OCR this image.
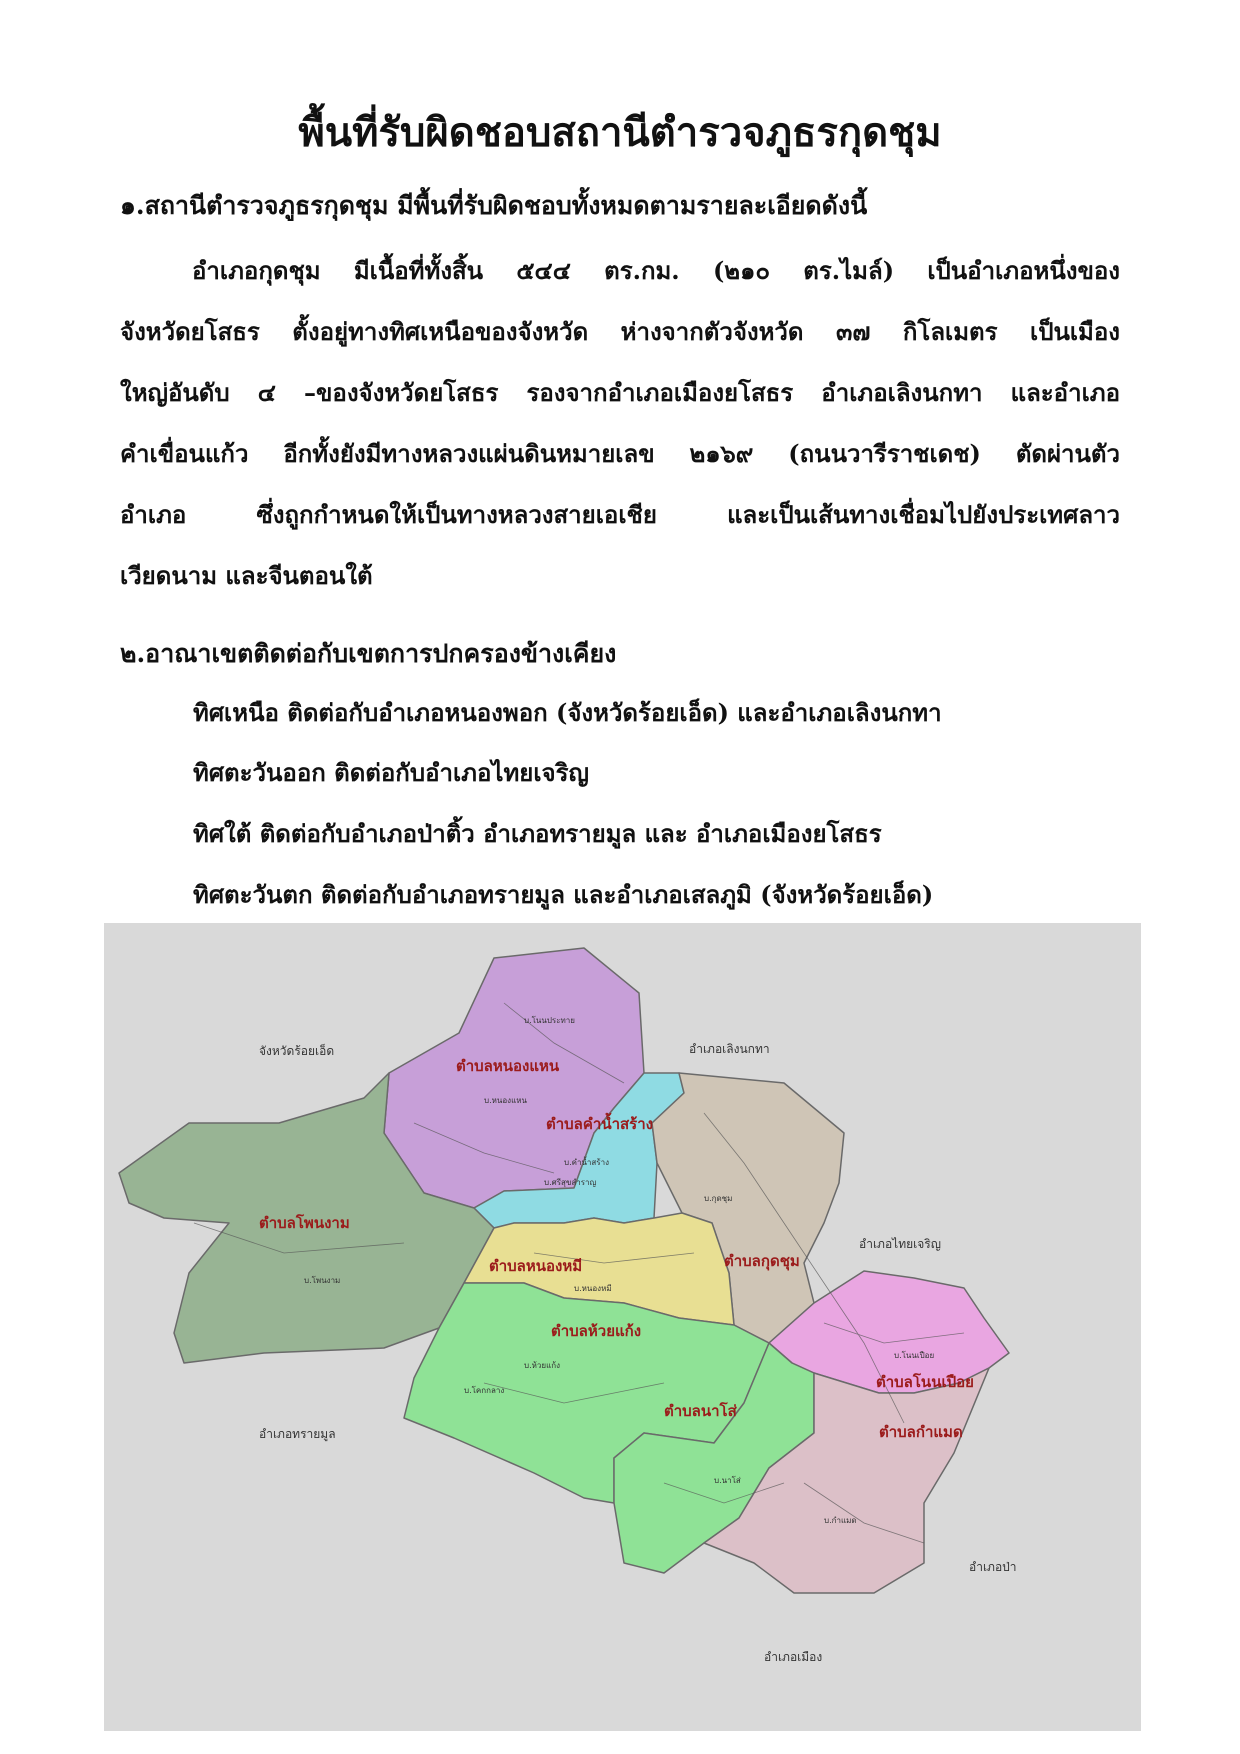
พื้นที่รับผิดชอบสถานีตำรวจภูธรกุดชุม

๑.สถานีตำรวจภูธรกุดชุม มีพื้นที่รับผิดชอบทั้งหมดตามรายละเอียดดังนี้

อำเภอกุดชุม มีเนื้อที่ทั้งสิ้น ๕๔๔ ตร.กม. (๒๑๐ ตร.ไมล์) เป็นอำเภอหนึ่งของ
จังหวัดยโสธร ตั้งอยู่ทางทิศเหนือของจังหวัด ห่างจากตัวจังหวัด ๓๗ กิโลเมตร เป็นเมือง
ใหญ่อันดับ ๔ –ของจังหวัดยโสธร รองจากอำเภอเมืองยโสธร อำเภอเลิงนกทา และอำเภอ
คำเขื่อนแก้ว อีกทั้งยังมีทางหลวงแผ่นดินหมายเลข ๒๑๖๙ (ถนนวารีราชเดช) ตัดผ่านตัว
อำเภอ ซึ่งถูกกำหนดให้เป็นทางหลวงสายเอเชีย และเป็นเส้นทางเชื่อมไปยังประเทศลาว
เวียดนาม และจีนตอนใต้

๒.อาณาเขตติดต่อกับเขตการปกครองข้างเคียง

ทิศเหนือ ติดต่อกับอำเภอหนองพอก (จังหวัดร้อยเอ็ด) และอำเภอเลิงนกทา

ทิศตะวันออก ติดต่อกับอำเภอไทยเจริญ

ทิศใต้ ติดต่อกับอำเภอป่าติ้ว อำเภอทรายมูล และ อำเภอเมืองยโสธร

ทิศตะวันตก ติดต่อกับอำเภอทรายมูล และอำเภอเสลภูมิ (จังหวัดร้อยเอ็ด)

จังหวัดร้อยเอ็ด	อำเภอเลิงนกทา
อำเภอไทยเจริญ
อำเภอทรายมูล
อำเภอป่า
อำเภอเมือง
ตำบลหนองแหน
ตำบลคำน้ำสร้าง
ตำบลโพนงาม
ตำบลหนองหมี	ตำบลกุดชุม
ตำบลห้วยแก้ง
ตำบลโนนเปือย
ตำบลนาโส่
ตำบลกำแมด
บ.โนนประทาย
บ.หนองแหน
บ.คำน้ำสร้าง
บ.ศรีสุขสำราญ
บ.โพนงาม
บ.หนองหมี
บ.ห้วยแก้ง
บ.กุดชุม
บ.โนนเปือย
บ.กำแมด
บ.นาโส่
บ.โคกกลาง
